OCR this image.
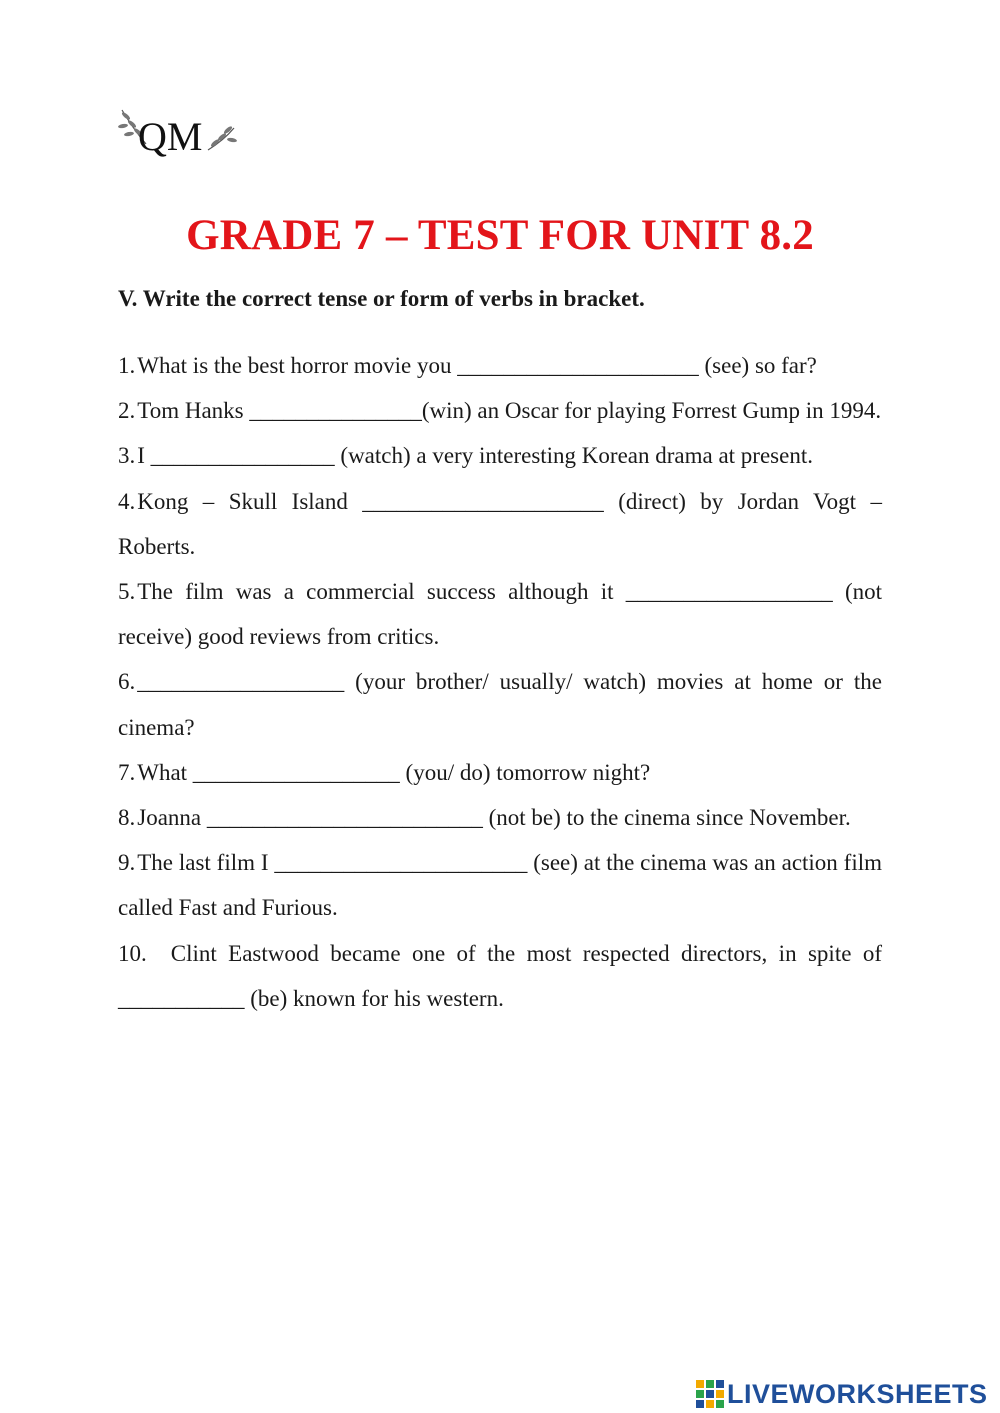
QM
GRADE 7 – TEST FOR UNIT 8.2
V. Write the correct tense or form of verbs in bracket.

1.What is the best horror movie you _____________________ (see) so far?

2.Tom Hanks _______________(win) an Oscar for playing Forrest Gump in 1994.

3.I ________________ (watch) a very interesting Korean drama at present.

4.Kong – Skull Island _____________________ (direct) by Jordan Vogt – Roberts.

5.The film was a commercial success although it __________________ (not receive) good reviews from critics.

6.__________________ (your brother/ usually/ watch) movies at home or the cinema?

7.What __________________ (you/ do) tomorrow night?

8.Joanna ________________________ (not be) to the cinema since November.

9.The last film I ______________________ (see) at the cinema was an action film called Fast and Furious.

10. Clint Eastwood became one of the most respected directors, in spite of ___________ (be) known for his western.

LIVEWORKSHEETS
